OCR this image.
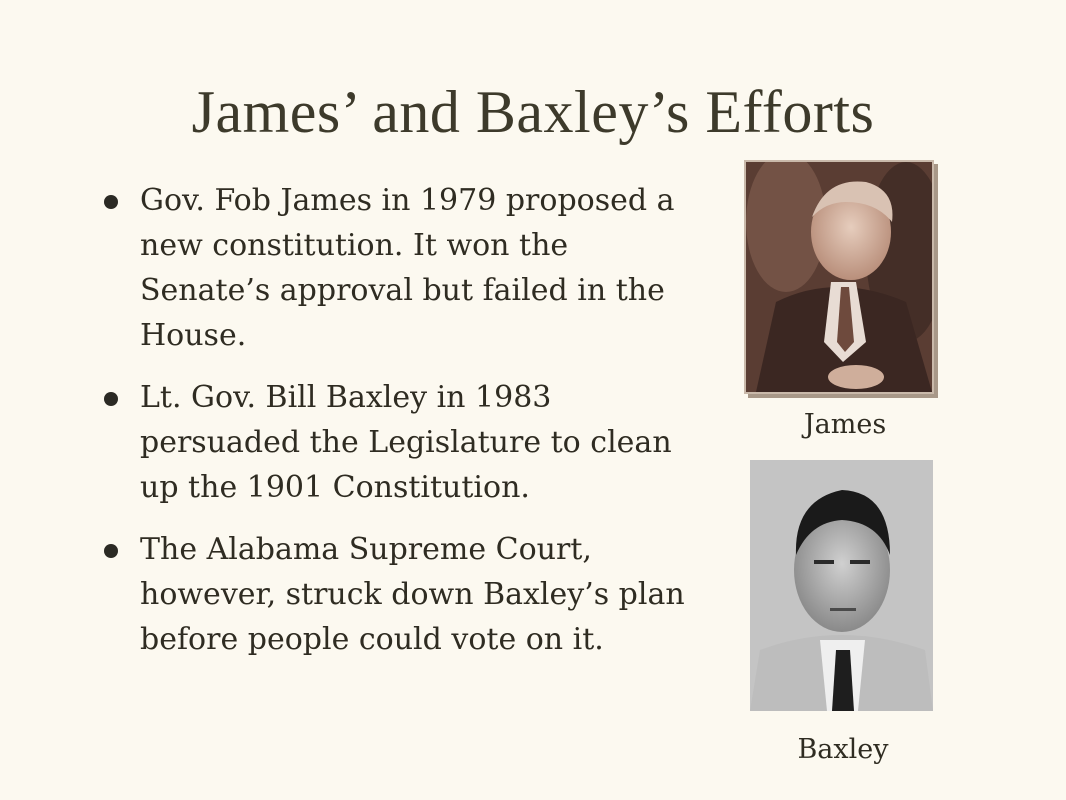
James’ and Baxley’s Efforts
Gov. Fob James in 1979 proposed a new constitution. It won the Senate’s approval but failed in the House.
Lt. Gov. Bill Baxley in 1983 persuaded the Legislature to clean up the 1901 Constitution.
The Alabama Supreme Court, however, struck down Baxley’s plan before people could vote on it.
James
Baxley
